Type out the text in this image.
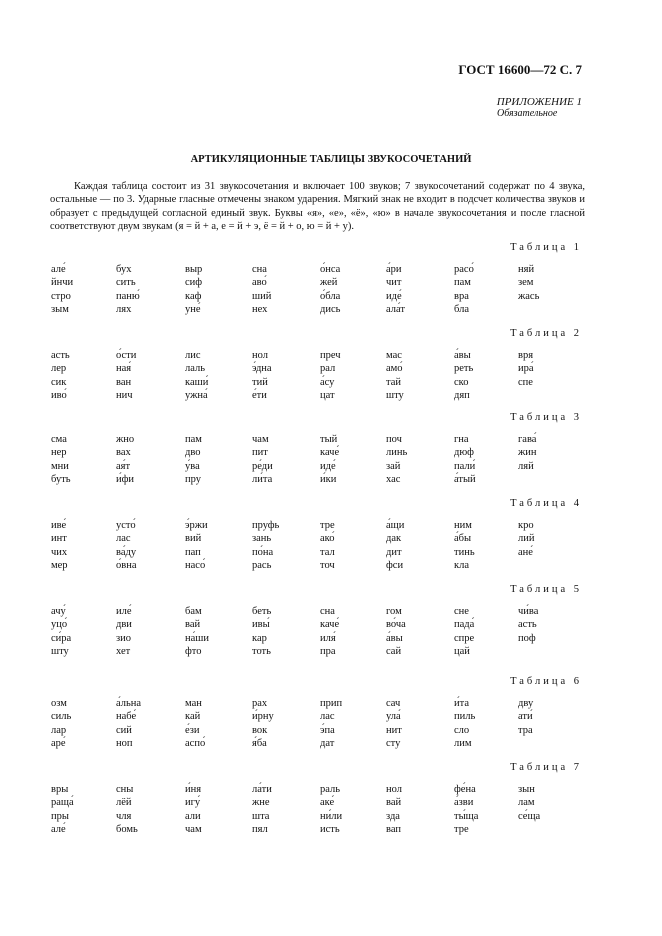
ГОСТ 16600—72 С. 7
ПРИЛОЖЕНИЕ 1
Обязательное
АРТИКУЛЯЦИОННЫЕ ТАБЛИЦЫ ЗВУКОСОЧЕТАНИЙ

Каждая таблица состоит из 31 звукосочетания и включает 100 звуков; 7 звукосочетаний содержат по 4 звука, остальные — по 3. Ударные гласные отмечены знаком ударения. Мягкий знак не входит в подсчет количества звуков и образует с предыдущей согласной единый звук. Буквы «я», «е», «ё», «ю» в начале звукосочетания и после гласной соответствуют двум звукам (я = й + а, е = й + э, ё = й + о, ю = й + у).

Таблица 1
але́
йнчи
стро
зым
бух
сить
паню́
лях
выр
сиф
каф
уне́
сна
аво́
ший
нех
о́нса
жей
о́бла
дись
а́ри
чит
иде́
ала́т
расо́
пам
вра
бла
няй
зем
жась
Таблица 2
асть
лер
сик
иво́
о́сти
ная́
ван
нич
лис
лаль
каши́
ужна́
нол
э́дна
тий
е́ти
преч
рал
а́су
цат
мас
амо́
тай
шту
а́вы
реть
ско
дяп
вря
ира́
спе
Таблица 3
сма
нер
мни
буть
жно
вах
ая́т
и́фи
пам
дво
у́ва
пру
чам
пит
ре́ди
ли́та
тый
каче́
иде́
и́ки
поч
линь
зай
хас
гна
дюф
пали́
а́тый
гава́
жин
ляй
Таблица 4
иве́
инт
чих
мер
усто́
лас
ва́ду
о́вна
э́ржи
вий
пап
насо́
пруфь
зань
по́на
рась
тре
ако́
тал
точ
а́щи
дак
дит
фси
ним
а́бы
тинь
кла
кро
лий
ане́
Таблица 5
ачу́
уцо́
си́ра
шту
иле́
дви
зио
хет
бам
вай
на́ши
фто
беть
ивы́
кар
тоть
сна
каче́
иля́
пра
гом
во́ча
а́вы
сай
сне
пада́
спре
цай
чи́ва
асть
поф
Таблица 6
озм
силь
лар
аре́
а́льна
набе́
сий
ноп
ман
кай
е́зи
аспо́
рах
и́рну
вок
я́ба
прип
лас
э́па
дат
сач
ула́
нит
сту
и́та
пиль
сло
лим
дву
ати́
тра
Таблица 7
вры
раща́
пры
але́
сны
лёй
чля
бомь
и́ня
игу́
али
чам
ла́ти
жне
шта
пял
раль
аке́
ни́ли
исть
нол
вай
зда
вап
фе́на
а́зви
ты́ща
тре
зын
лам
се́ща
